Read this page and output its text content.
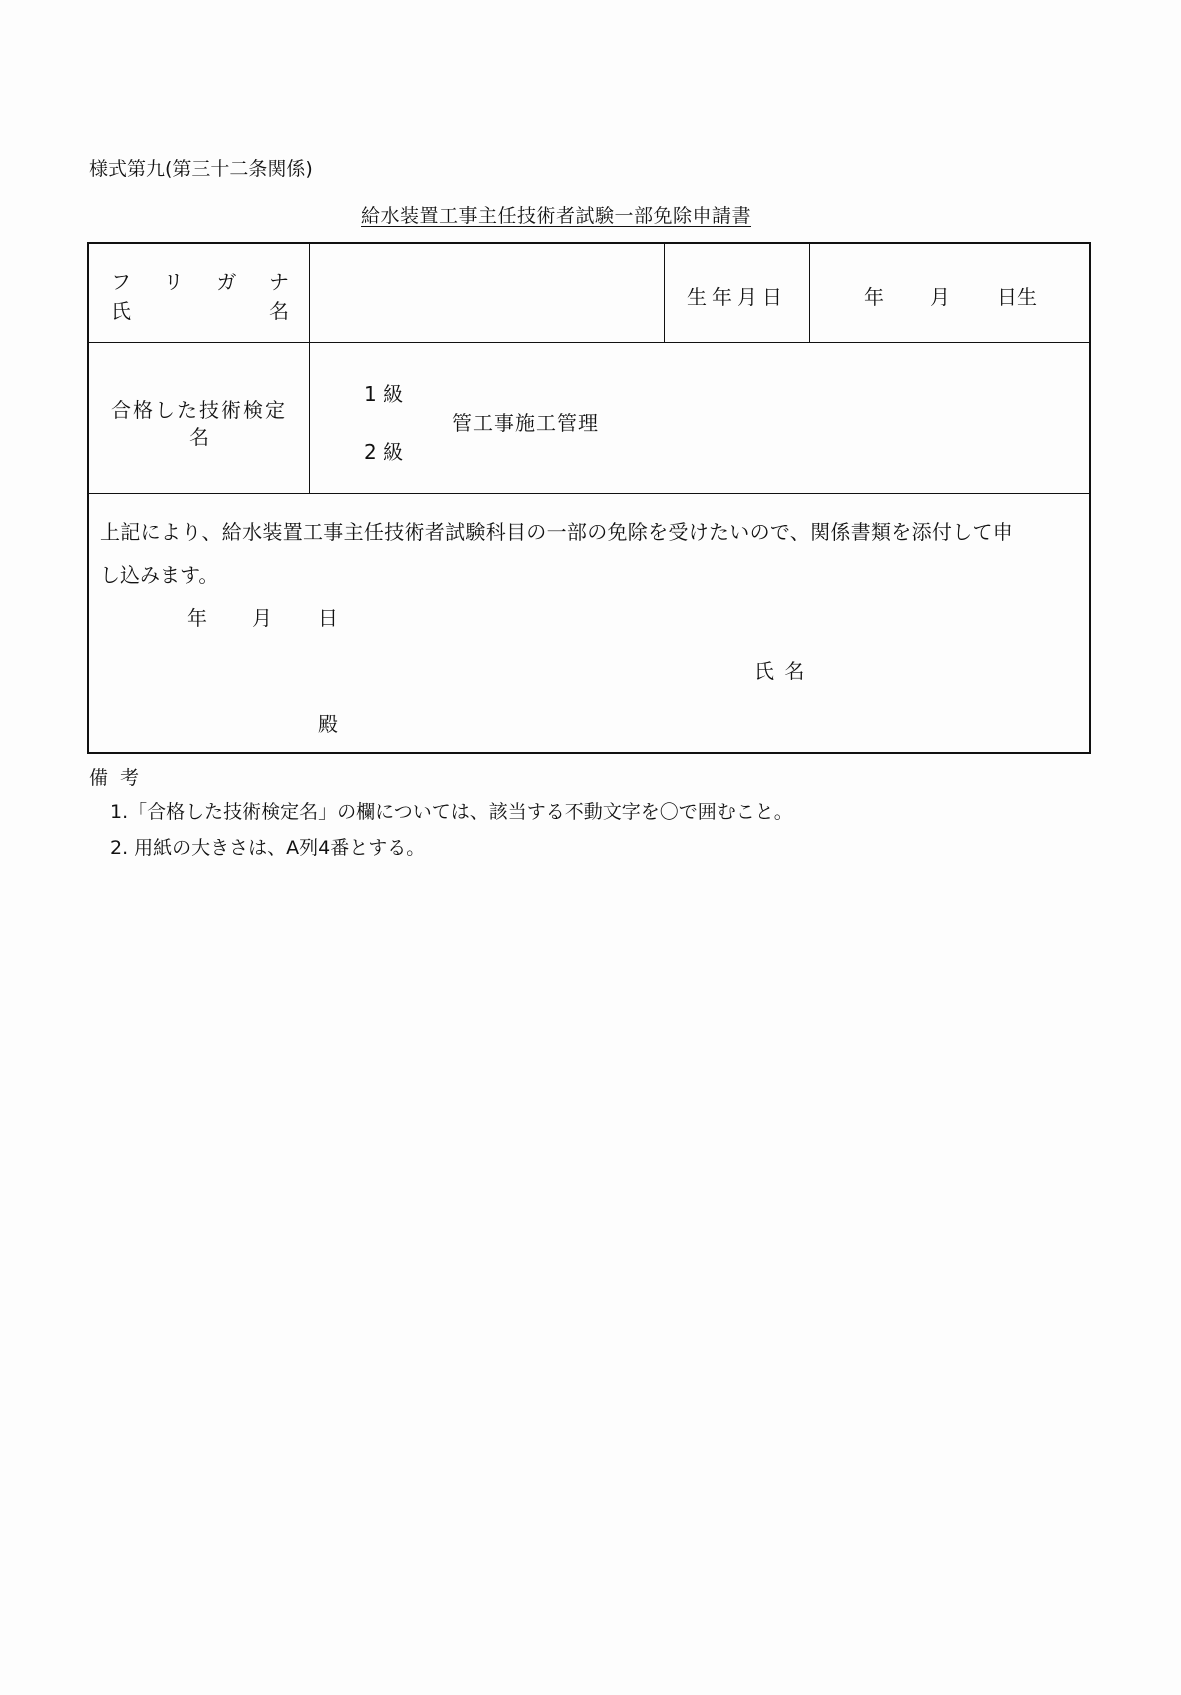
様式第九(第三十二条関係)
給水装置工事主任技術者試験一部免除申請書
フ リ ガ ナ
氏	名
生年月日	年 月 日生
合格した技術検定
名
1 級
2 級
管工事施工管理
上記により、給水装置工事主任技術者試験科目の一部の免除を受けたいので、関係書類を添付して申
し込みます。
年 月 日
氏 名
殿
備 考
1.「合格した技術検定名」の欄については、該当する不動文字を〇で囲むこと。
2. 用紙の大きさは、A列4番とする。
